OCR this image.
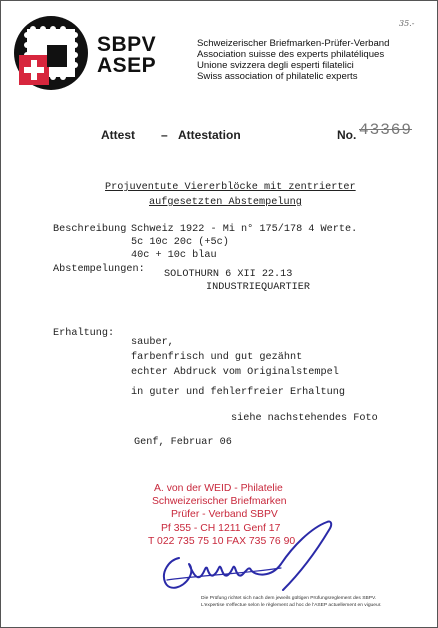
SBPV
ASEP
Schweizerischer Briefmarken-Prüfer-Verband
Association suisse des experts philatéliques
Unione svizzera degli esperti filatelici
Swiss association of philatelic experts
35.-
Attest – Attestation	No. 43369
Projuventute Viererblöcke mit zentrierter
aufgesetzten Abstempelung
Beschreibung Schweiz 1922 - Mi n° 175/178 4 Werte.
5c 10c 20c (+5c)
40c + 10c blau
Abstempelungen: SOLOTHURN 6 XII 22.13
INDUSTRIEQUARTIER
Erhaltung:
sauber,
farbenfrisch und gut gezähnt
echter Abdruck vom Originalstempel
in guter und fehlerfreier Erhaltung
siehe nachstehendes Foto
Genf, Februar 06
A. von der WEID - Philatelie
Schweizerischer Briefmarken
Prüfer - Verband SBPV
Pf 355 - CH 1211 Genf 17
T 022 735 75 10 FAX 735 76 90
Die Prüfung richtet sich nach dem jeweils gültigen Prüfungsreglement des SBPV.
L'expertise s'effectue selon le règlement ad hoc de l'ASEP actuellement en vigueur.
